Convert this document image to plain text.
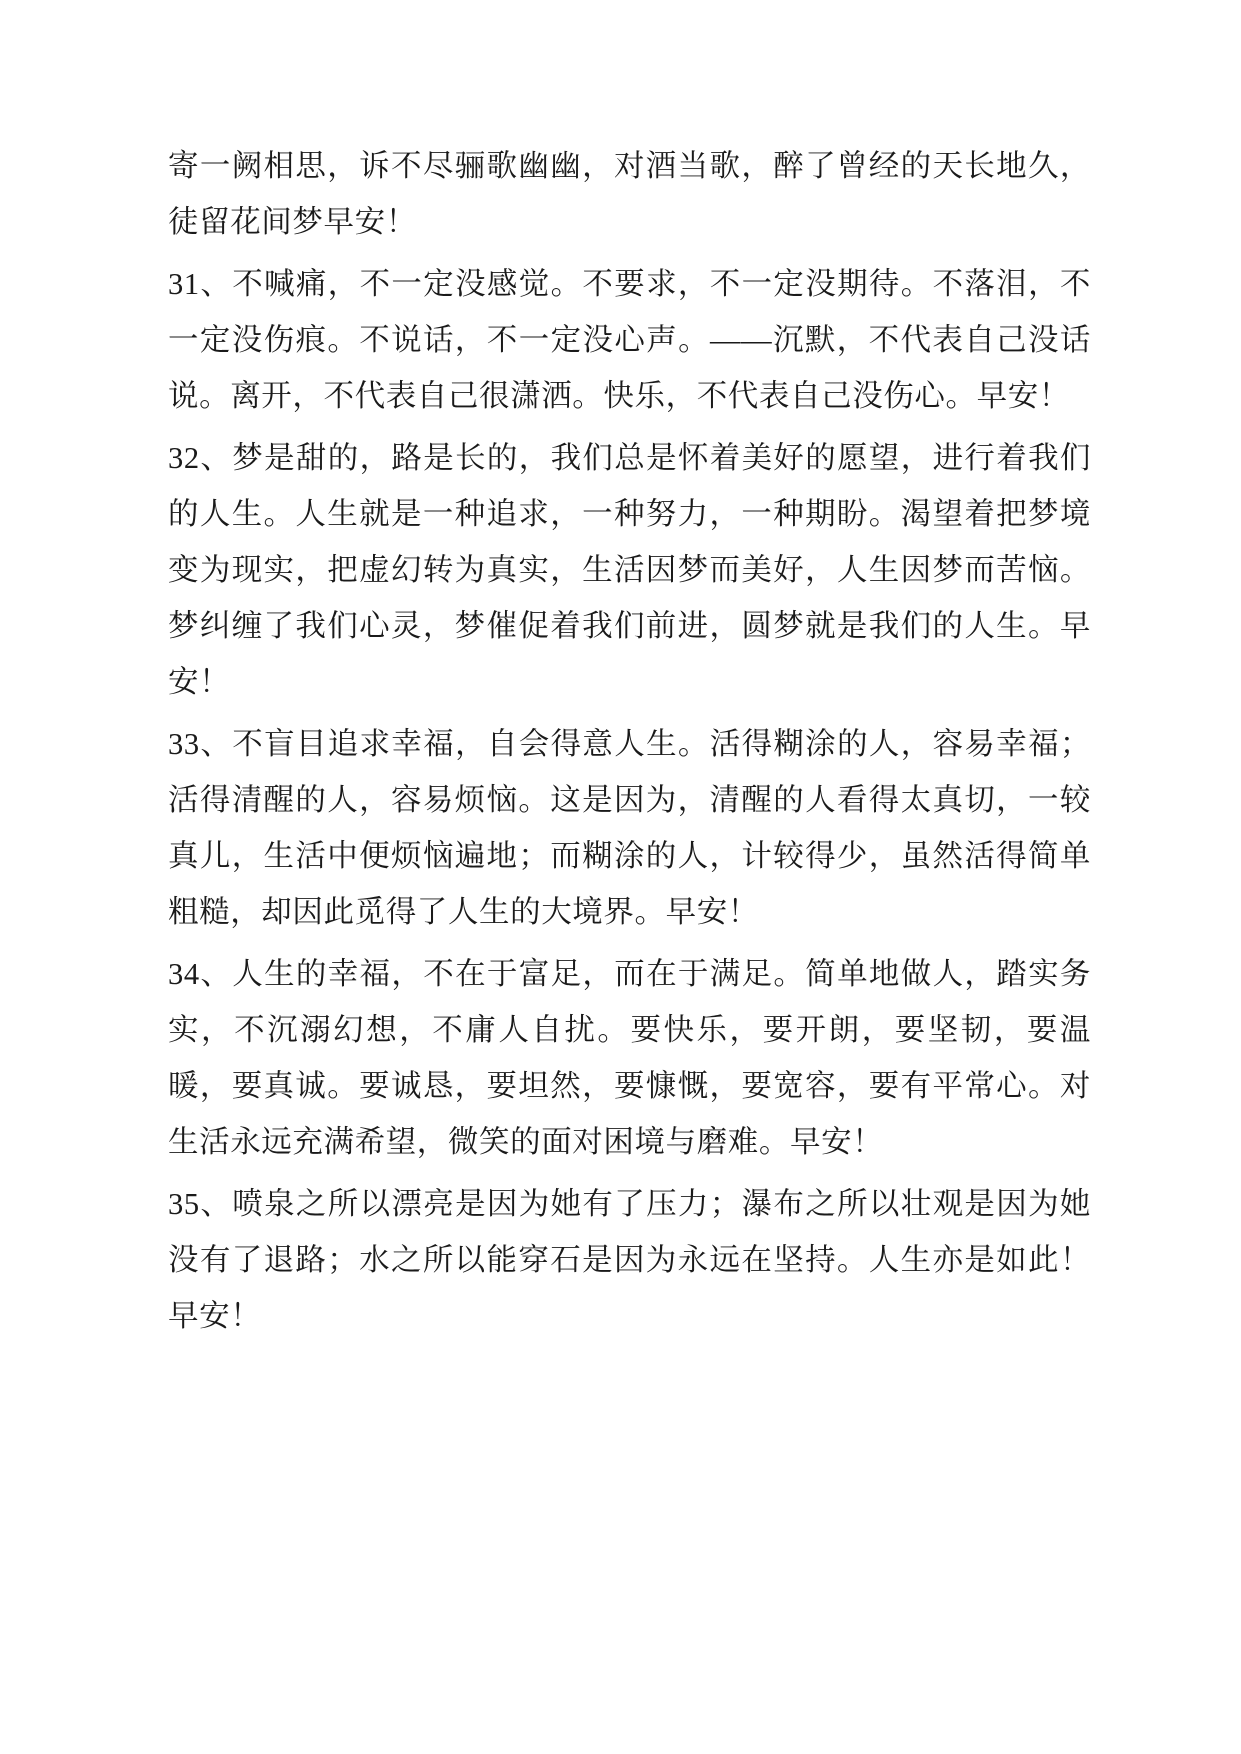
寄一阙相思，诉不尽骊歌幽幽，对酒当歌，醉了曾经的天长地久，徒留花间梦早安！

31、不喊痛，不一定没感觉。不要求，不一定没期待。不落泪，不一定没伤痕。不说话，不一定没心声。——沉默，不代表自己没话说。离开，不代表自己很潇洒。快乐，不代表自己没伤心。早安！

32、梦是甜的，路是长的，我们总是怀着美好的愿望，进行着我们的人生。人生就是一种追求，一种努力，一种期盼。渴望着把梦境变为现实，把虚幻转为真实，生活因梦而美好，人生因梦而苦恼。梦纠缠了我们心灵，梦催促着我们前进，圆梦就是我们的人生。早安！

33、不盲目追求幸福，自会得意人生。活得糊涂的人，容易幸福；活得清醒的人，容易烦恼。这是因为，清醒的人看得太真切，一较真儿，生活中便烦恼遍地；而糊涂的人，计较得少，虽然活得简单粗糙，却因此觅得了人生的大境界。早安！

34、人生的幸福，不在于富足，而在于满足。简单地做人，踏实务实，不沉溺幻想，不庸人自扰。要快乐，要开朗，要坚韧，要温暖，要真诚。要诚恳，要坦然，要慷慨，要宽容，要有平常心。对生活永远充满希望，微笑的面对困境与磨难。早安！

35、喷泉之所以漂亮是因为她有了压力；瀑布之所以壮观是因为她没有了退路；水之所以能穿石是因为永远在坚持。人生亦是如此！早安！
